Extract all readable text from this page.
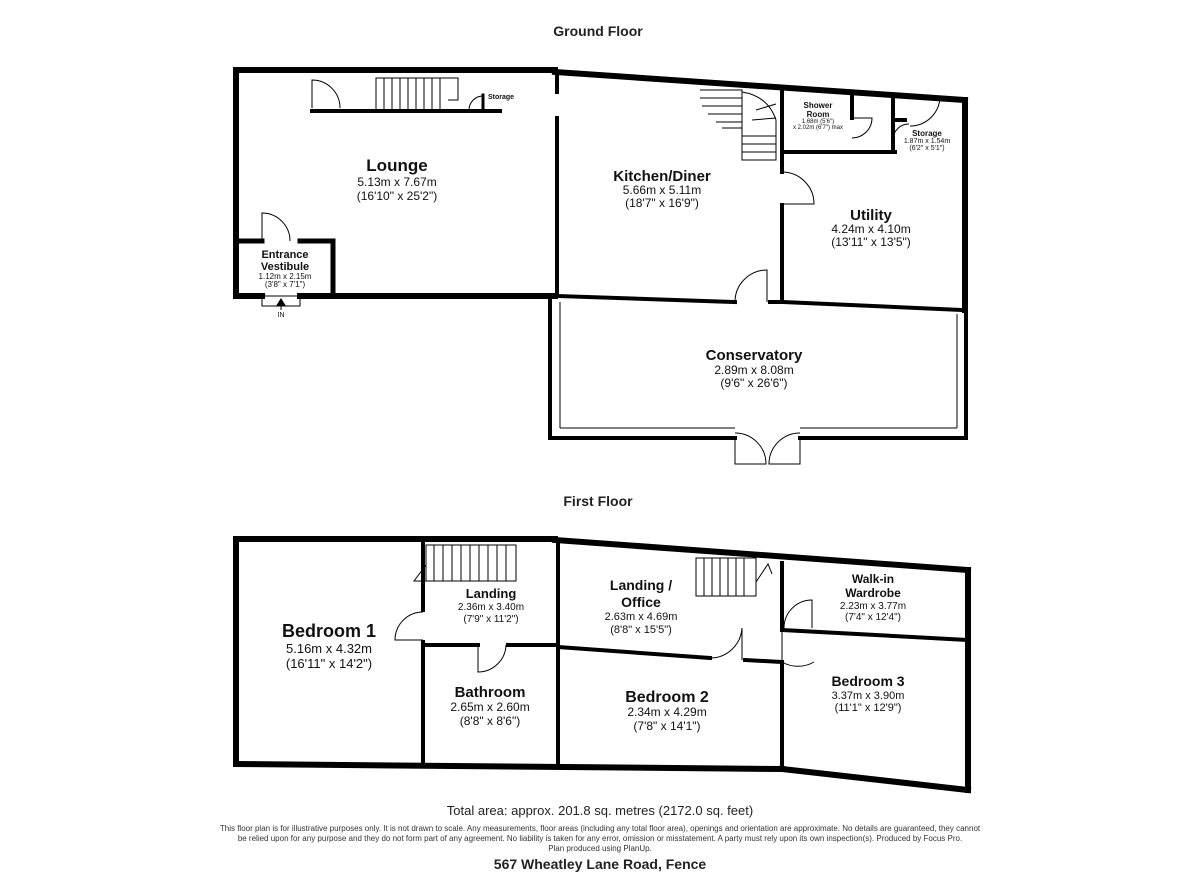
Ground Floor
IN
Lounge
5.13m x 7.67m
(16'10" x 25'2")
Entrance
Vestibule
1.12m x 2.15m
(3'8" x 7'1")
Kitchen/Diner
5.66m x 5.11m
(18'7" x 16'9")
Shower
Room
1.68m (5'6")
x 2.02m (6'7") max
Storage
Storage
1.87m x 1.54m
(6'2" x 5'1")
Utility
4.24m x 4.10m
(13'11" x 13'5")
Conservatory
2.89m x 8.08m
(9'6" x 26'6")
First Floor
Bedroom 1
5.16m x 4.32m
(16'11" x 14'2")
Landing
2.36m x 3.40m
(7'9" x 11'2")
Landing /
Office
2.63m x 4.69m
(8'8" x 15'5")
Walk-in
Wardrobe
2.23m x 3.77m
(7'4" x 12'4")
Bathroom
2.65m x 2.60m
(8'8" x 8'6")
Bedroom 2
2.34m x 4.29m
(7'8" x 14'1")
Bedroom 3
3.37m x 3.90m
(11'1" x 12'9")
Total area: approx. 201.8 sq. metres (2172.0 sq. feet)
This floor plan is for illustrative purposes only. It is not drawn to scale. Any measurements, floor areas (including any total floor area), openings and orientation are approximate. No details are guaranteed, they cannot
be relied upon for any purpose and they do not form part of any agreement. No liability is taken for any error, omission or misstatement. A party must rely upon its own inspection(s). Produced by Focus Pro.
Plan produced using PlanUp.
567 Wheatley Lane Road, Fence
